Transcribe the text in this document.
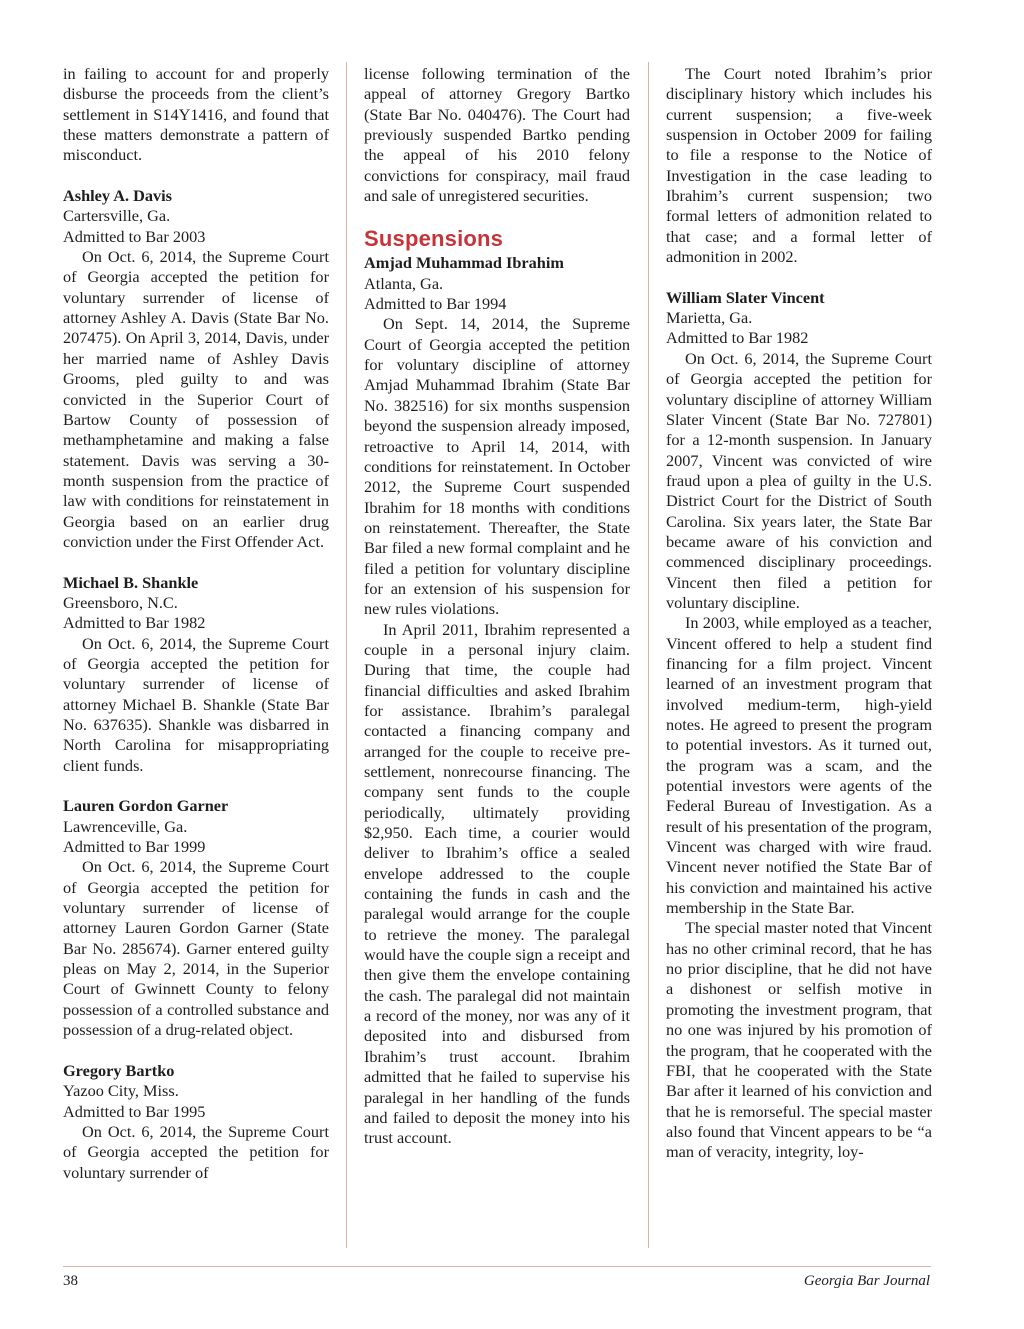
in failing to account for and properly disburse the proceeds from the client’s settlement in S14Y1416, and found that these matters demonstrate a pattern of misconduct.

Ashley A. Davis
Cartersville, Ga.
Admitted to Bar 2003

On Oct. 6, 2014, the Supreme Court of Georgia accepted the petition for voluntary surrender of license of attorney Ashley A. Davis (State Bar No. 207475). On April 3, 2014, Davis, under her married name of Ashley Davis Grooms, pled guilty to and was convicted in the Superior Court of Bartow County of possession of methamphetamine and making a false statement. Davis was serving a 30-month suspension from the practice of law with conditions for reinstatement in Georgia based on an earlier drug conviction under the First Offender Act.

Michael B. Shankle
Greensboro, N.C.
Admitted to Bar 1982

On Oct. 6, 2014, the Supreme Court of Georgia accepted the petition for voluntary surrender of license of attorney Michael B. Shankle (State Bar No. 637635). Shankle was disbarred in North Carolina for misappropriating client funds.

Lauren Gordon Garner
Lawrenceville, Ga.
Admitted to Bar 1999

On Oct. 6, 2014, the Supreme Court of Georgia accepted the petition for voluntary surrender of license of attorney Lauren Gordon Garner (State Bar No. 285674). Garner entered guilty pleas on May 2, 2014, in the Superior Court of Gwinnett County to felony possession of a controlled substance and possession of a drug-related object.

Gregory Bartko
Yazoo City, Miss.
Admitted to Bar 1995

On Oct. 6, 2014, the Supreme Court of Georgia accepted the petition for voluntary surrender of

license following termination of the appeal of attorney Gregory Bartko (State Bar No. 040476). The Court had previously suspended Bartko pending the appeal of his 2010 felony convictions for conspiracy, mail fraud and sale of unregistered securities.

Suspensions
Amjad Muhammad Ibrahim
Atlanta, Ga.
Admitted to Bar 1994

On Sept. 14, 2014, the Supreme Court of Georgia accepted the petition for voluntary discipline of attorney Amjad Muhammad Ibrahim (State Bar No. 382516) for six months suspension beyond the suspension already imposed, retroactive to April 14, 2014, with conditions for reinstatement. In October 2012, the Supreme Court suspended Ibrahim for 18 months with conditions on reinstatement. Thereafter, the State Bar filed a new formal complaint and he filed a petition for voluntary discipline for an extension of his suspension for new rules violations.

In April 2011, Ibrahim represented a couple in a personal injury claim. During that time, the couple had financial difficulties and asked Ibrahim for assistance. Ibrahim’s paralegal contacted a financing company and arranged for the couple to receive pre-settlement, nonrecourse financing. The company sent funds to the couple periodically, ultimately providing $2,950. Each time, a courier would deliver to Ibrahim’s office a sealed envelope addressed to the couple containing the funds in cash and the paralegal would arrange for the couple to retrieve the money. The paralegal would have the couple sign a receipt and then give them the envelope containing the cash. The paralegal did not maintain a record of the money, nor was any of it deposited into and disbursed from Ibrahim’s trust account. Ibrahim admitted that he failed to supervise his paralegal in her handling of the funds and failed to deposit the money into his trust account.

The Court noted Ibrahim’s prior disciplinary history which includes his current suspension; a five-week suspension in October 2009 for failing to file a response to the Notice of Investigation in the case leading to Ibrahim’s current suspension; two formal letters of admonition related to that case; and a formal letter of admonition in 2002.

William Slater Vincent
Marietta, Ga.
Admitted to Bar 1982

On Oct. 6, 2014, the Supreme Court of Georgia accepted the petition for voluntary discipline of attorney William Slater Vincent (State Bar No. 727801) for a 12-month suspension. In January 2007, Vincent was convicted of wire fraud upon a plea of guilty in the U.S. District Court for the District of South Carolina. Six years later, the State Bar became aware of his conviction and commenced disciplinary proceedings. Vincent then filed a petition for voluntary discipline.

In 2003, while employed as a teacher, Vincent offered to help a student find financing for a film project. Vincent learned of an investment program that involved medium-term, high-yield notes. He agreed to present the program to potential investors. As it turned out, the program was a scam, and the potential investors were agents of the Federal Bureau of Investigation. As a result of his presentation of the program, Vincent was charged with wire fraud. Vincent never notified the State Bar of his conviction and maintained his active membership in the State Bar.

The special master noted that Vincent has no other criminal record, that he has no prior discipline, that he did not have a dishonest or selfish motive in promoting the investment program, that no one was injured by his promotion of the program, that he cooperated with the FBI, that he cooperated with the State Bar after it learned of his conviction and that he is remorseful. The special master also found that Vincent appears to be “a man of veracity, integrity, loy-

38	Georgia Bar Journal
